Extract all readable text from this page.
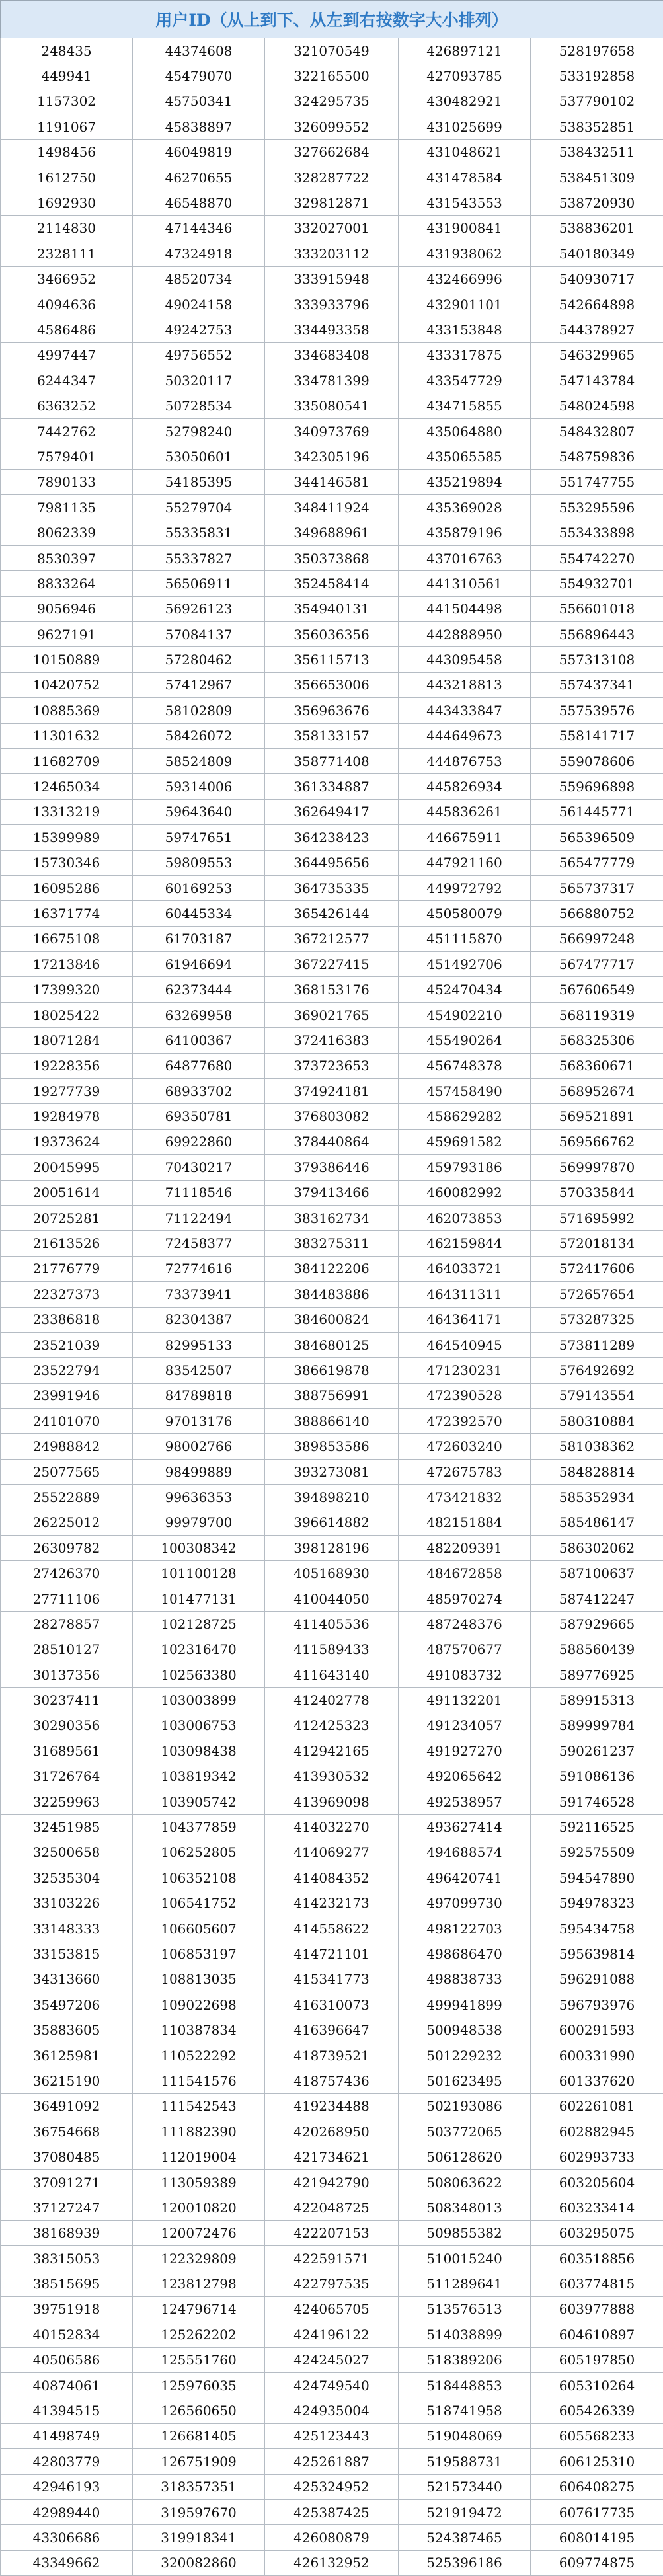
用户ID（从上到下、从左到右按数字大小排列）				
248435	44374608	321070549	426897121	528197658
449941	45479070	322165500	427093785	533192858
1157302	45750341	324295735	430482921	537790102
1191067	45838897	326099552	431025699	538352851
1498456	46049819	327662684	431048621	538432511
1612750	46270655	328287722	431478584	538451309
1692930	46548870	329812871	431543553	538720930
2114830	47144346	332027001	431900841	538836201
2328111	47324918	333203112	431938062	540180349
3466952	48520734	333915948	432466996	540930717
4094636	49024158	333933796	432901101	542664898
4586486	49242753	334493358	433153848	544378927
4997447	49756552	334683408	433317875	546329965
6244347	50320117	334781399	433547729	547143784
6363252	50728534	335080541	434715855	548024598
7442762	52798240	340973769	435064880	548432807
7579401	53050601	342305196	435065585	548759836
7890133	54185395	344146581	435219894	551747755
7981135	55279704	348411924	435369028	553295596
8062339	55335831	349688961	435879196	553433898
8530397	55337827	350373868	437016763	554742270
8833264	56506911	352458414	441310561	554932701
9056946	56926123	354940131	441504498	556601018
9627191	57084137	356036356	442888950	556896443
10150889	57280462	356115713	443095458	557313108
10420752	57412967	356653006	443218813	557437341
10885369	58102809	356963676	443433847	557539576
11301632	58426072	358133157	444649673	558141717
11682709	58524809	358771408	444876753	559078606
12465034	59314006	361334887	445826934	559696898
13313219	59643640	362649417	445836261	561445771
15399989	59747651	364238423	446675911	565396509
15730346	59809553	364495656	447921160	565477779
16095286	60169253	364735335	449972792	565737317
16371774	60445334	365426144	450580079	566880752
16675108	61703187	367212577	451115870	566997248
17213846	61946694	367227415	451492706	567477717
17399320	62373444	368153176	452470434	567606549
18025422	63269958	369021765	454902210	568119319
18071284	64100367	372416383	455490264	568325306
19228356	64877680	373723653	456748378	568360671
19277739	68933702	374924181	457458490	568952674
19284978	69350781	376803082	458629282	569521891
19373624	69922860	378440864	459691582	569566762
20045995	70430217	379386446	459793186	569997870
20051614	71118546	379413466	460082992	570335844
20725281	71122494	383162734	462073853	571695992
21613526	72458377	383275311	462159844	572018134
21776779	72774616	384122206	464033721	572417606
22327373	73373941	384483886	464311311	572657654
23386818	82304387	384600824	464364171	573287325
23521039	82995133	384680125	464540945	573811289
23522794	83542507	386619878	471230231	576492692
23991946	84789818	388756991	472390528	579143554
24101070	97013176	388866140	472392570	580310884
24988842	98002766	389853586	472603240	581038362
25077565	98499889	393273081	472675783	584828814
25522889	99636353	394898210	473421832	585352934
26225012	99979700	396614882	482151884	585486147
26309782	100308342	398128196	482209391	586302062
27426370	101100128	405168930	484672858	587100637
27711106	101477131	410044050	485970274	587412247
28278857	102128725	411405536	487248376	587929665
28510127	102316470	411589433	487570677	588560439
30137356	102563380	411643140	491083732	589776925
30237411	103003899	412402778	491132201	589915313
30290356	103006753	412425323	491234057	589999784
31689561	103098438	412942165	491927270	590261237
31726764	103819342	413930532	492065642	591086136
32259963	103905742	413969098	492538957	591746528
32451985	104377859	414032270	493627414	592116525
32500658	106252805	414069277	494688574	592575509
32535304	106352108	414084352	496420741	594547890
33103226	106541752	414232173	497099730	594978323
33148333	106605607	414558622	498122703	595434758
33153815	106853197	414721101	498686470	595639814
34313660	108813035	415341773	498838733	596291088
35497206	109022698	416310073	499941899	596793976
35883605	110387834	416396647	500948538	600291593
36125981	110522292	418739521	501229232	600331990
36215190	111541576	418757436	501623495	601337620
36491092	111542543	419234488	502193086	602261081
36754668	111882390	420268950	503772065	602882945
37080485	112019004	421734621	506128620	602993733
37091271	113059389	421942790	508063622	603205604
37127247	120010820	422048725	508348013	603233414
38168939	120072476	422207153	509855382	603295075
38315053	122329809	422591571	510015240	603518856
38515695	123812798	422797535	511289641	603774815
39751918	124796714	424065705	513576513	603977888
40152834	125262202	424196122	514038899	604610897
40506586	125551760	424245027	518389206	605197850
40874061	125976035	424749540	518448853	605310264
41394515	126560650	424935004	518741958	605426339
41498749	126681405	425123443	519048069	605568233
42803779	126751909	425261887	519588731	606125310
42946193	318357351	425324952	521573440	606408275
42989440	319597670	425387425	521919472	607617735
43306686	319918341	426080879	524387465	608014195
43349662	320082860	426132952	525396186	609774875
